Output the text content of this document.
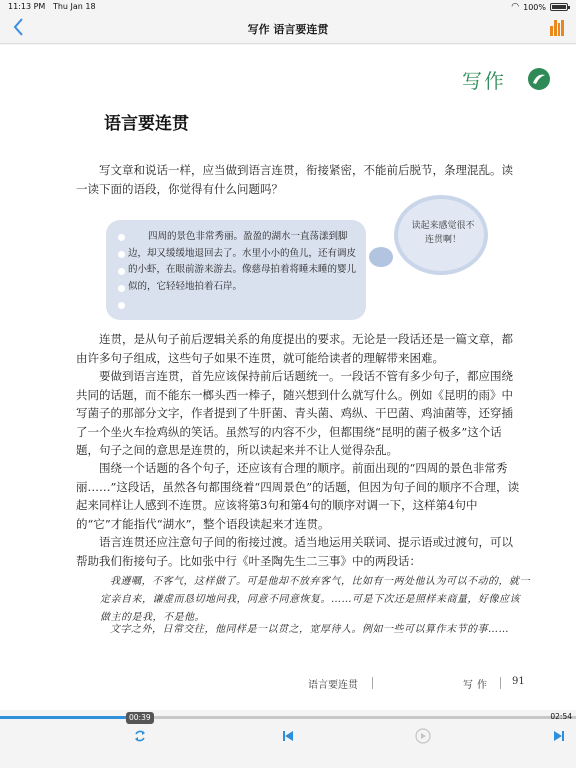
11:13 PM Thu Jan 18	◠ 100%
写作 语言要连贯
写作
语言要连贯

写文章和说话一样，应当做到语言连贯，衔接紧密，不能前后脱节，条理混乱。读一读下面的语段，你觉得有什么问题吗？

四周的景色非常秀丽。盈盈的湖水一直荡漾到脚边，却又缓缓地退回去了。水里小小的鱼儿，还有调皮的小虾，在眼前游来游去。像慈母拍着将睡未睡的婴儿似的，它轻轻地拍着石岸。

读起来感觉很不连贯啊！

连贯，是从句子前后逻辑关系的角度提出的要求。无论是一段话还是一篇文章，都由许多句子组成，这些句子如果不连贯，就可能给读者的理解带来困难。

要做到语言连贯，首先应该保持前后话题统一。一段话不管有多少句子，都应围绕共同的话题，而不能东一榔头西一棒子，随兴想到什么就写什么。例如《昆明的雨》中写菌子的那部分文字，作者提到了牛肝菌、青头菌、鸡纵、干巴菌、鸡油菌等，还穿插了一个坐火车捡鸡纵的笑话。虽然写的内容不少，但都围绕“昆明的菌子极多”这个话题，句子之间的意思是连贯的，所以读起来并不让人觉得杂乱。

围绕一个话题的各个句子，还应该有合理的顺序。前面出现的“四周的景色非常秀丽……”这段话，虽然各句都围绕着“四周景色”的话题，但因为句子间的顺序不合理，读起来同样让人感到不连贯。应该将第3句和第4句的顺序对调一下，这样第4句中的“它”才能指代“湖水”，整个语段读起来才连贯。

语言连贯还应注意句子间的衔接过渡。适当地运用关联词、提示语或过渡句，可以帮助我们衔接句子。比如张中行《叶圣陶先生二三事》中的两段话：

我遵嘱，不客气，这样做了。可是他却不放弃客气，比如有一两处他认为可以不动的，就一定亲自来，谦虚而恳切地问我，同意不同意恢复。……可是下次还是照样来商量，好像应该做主的是我，不是他。

文字之外，日常交往，他同样是一以贯之，宽厚待人。例如一些可以算作末节的事……

语言要连贯	写作 91
00:39	02:54
